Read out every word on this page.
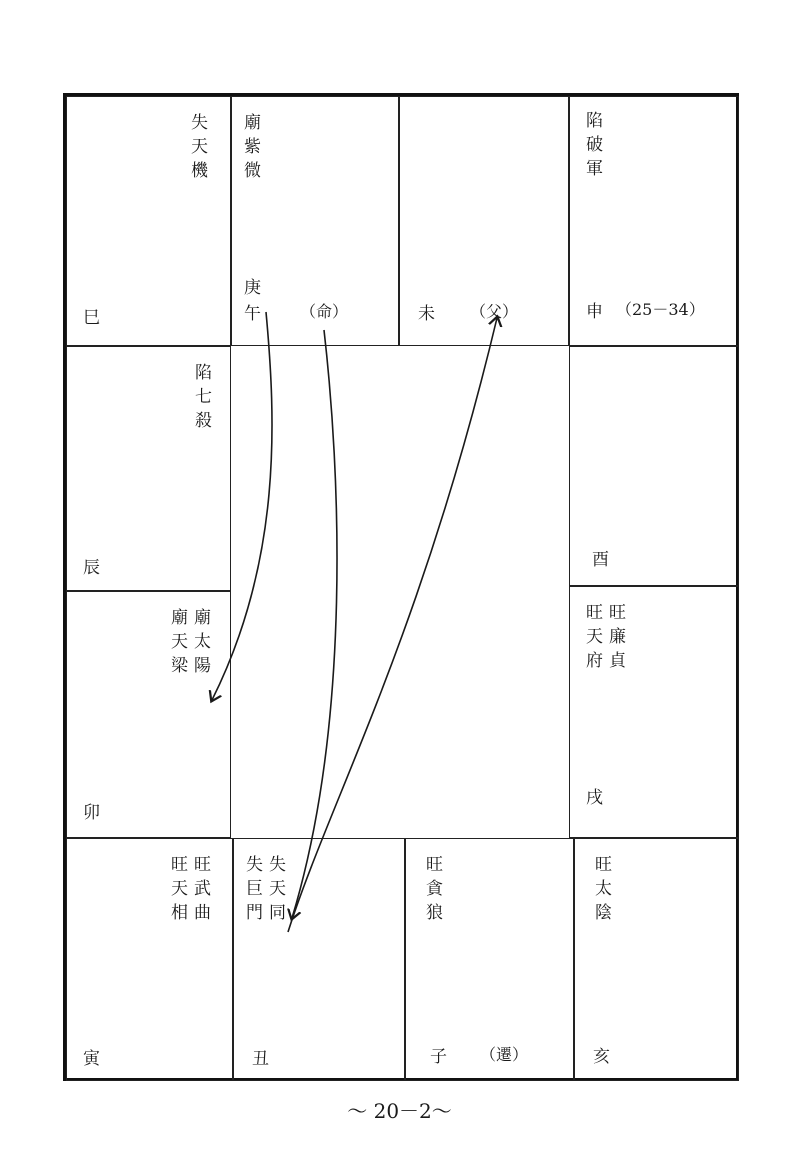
失
天
機
巳
廟
紫
微
庚
午 （命）	未 （父）
陷
破
軍
申 （25－34）
陷
七
殺
辰
廟
天
梁
廟
太
陽
卯
酉
旺
天
府
旺
廉
貞
戌
旺
天
相
旺
武
曲
寅
失
巨
門
失
天
同
丑
旺
貪
狼
子 （遷）
旺
太
陰
亥
～ 20－2～
